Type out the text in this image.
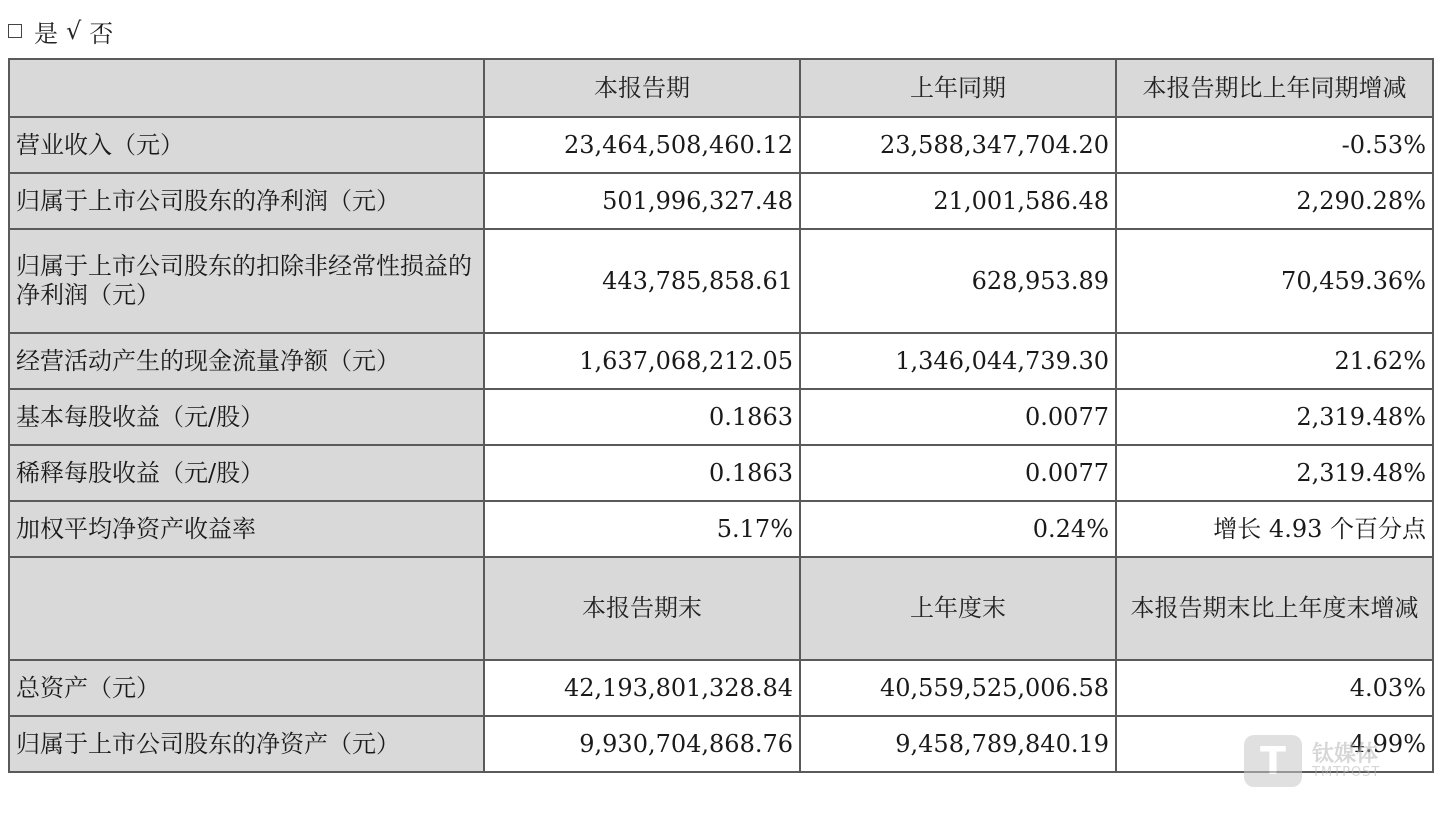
是 √ 否
	本报告期	上年同期	本报告期比上年同期增减
营业收入（元）	23,464,508,460.12	23,588,347,704.20	-0.53%
归属于上市公司股东的净利润（元）	501,996,327.48	21,001,586.48	2,290.28%
归属于上市公司股东的扣除非经常性损益的净利润（元）	443,785,858.61	628,953.89	70,459.36%
经营活动产生的现金流量净额（元）	1,637,068,212.05	1,346,044,739.30	21.62%
基本每股收益（元/股）	0.1863	0.0077	2,319.48%
稀释每股收益（元/股）	0.1863	0.0077	2,319.48%
加权平均净资产收益率	5.17%	0.24%	增长 4.93 个百分点
	本报告期末	上年度末	本报告期末比上年度末增减
总资产（元）	42,193,801,328.84	40,559,525,006.58	4.03%
归属于上市公司股东的净资产（元）	9,930,704,868.76	9,458,789,840.19	4.99%
T	钛媒体
TMTPOST
